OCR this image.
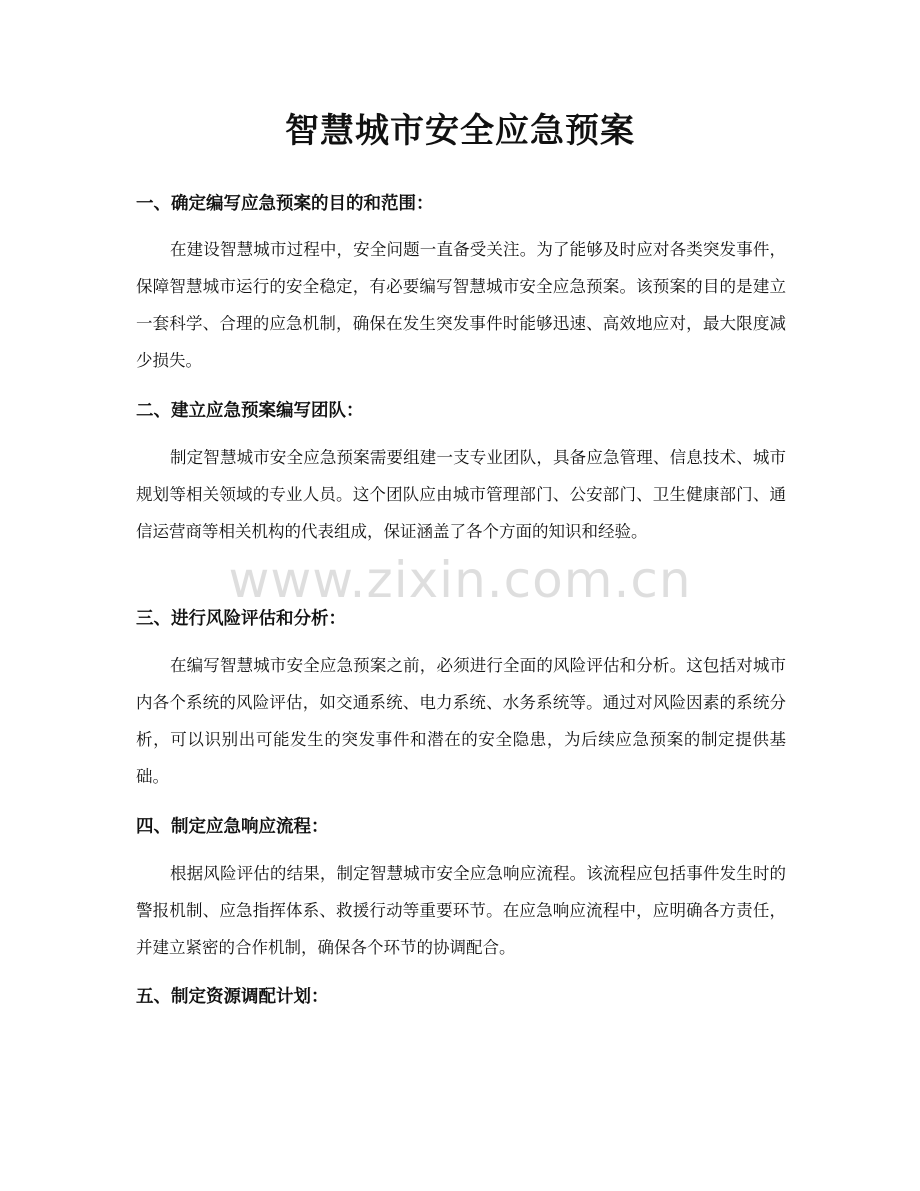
智慧城市安全应急预案
一、确定编写应急预案的目的和范围：

在建设智慧城市过程中，安全问题一直备受关注。为了能够及时应对各类突发事件，保障智慧城市运行的安全稳定，有必要编写智慧城市安全应急预案。该预案的目的是建立一套科学、合理的应急机制，确保在发生突发事件时能够迅速、高效地应对，最大限度减少损失。

二、建立应急预案编写团队：

制定智慧城市安全应急预案需要组建一支专业团队，具备应急管理、信息技术、城市规划等相关领域的专业人员。这个团队应由城市管理部门、公安部门、卫生健康部门、通信运营商等相关机构的代表组成，保证涵盖了各个方面的知识和经验。

三、进行风险评估和分析：

在编写智慧城市安全应急预案之前，必须进行全面的风险评估和分析。这包括对城市内各个系统的风险评估，如交通系统、电力系统、水务系统等。通过对风险因素的系统分析，可以识别出可能发生的突发事件和潜在的安全隐患，为后续应急预案的制定提供基础。

四、制定应急响应流程：

根据风险评估的结果，制定智慧城市安全应急响应流程。该流程应包括事件发生时的警报机制、应急指挥体系、救援行动等重要环节。在应急响应流程中，应明确各方责任，并建立紧密的合作机制，确保各个环节的协调配合。

五、制定资源调配计划：
www.zixin.com.cn
